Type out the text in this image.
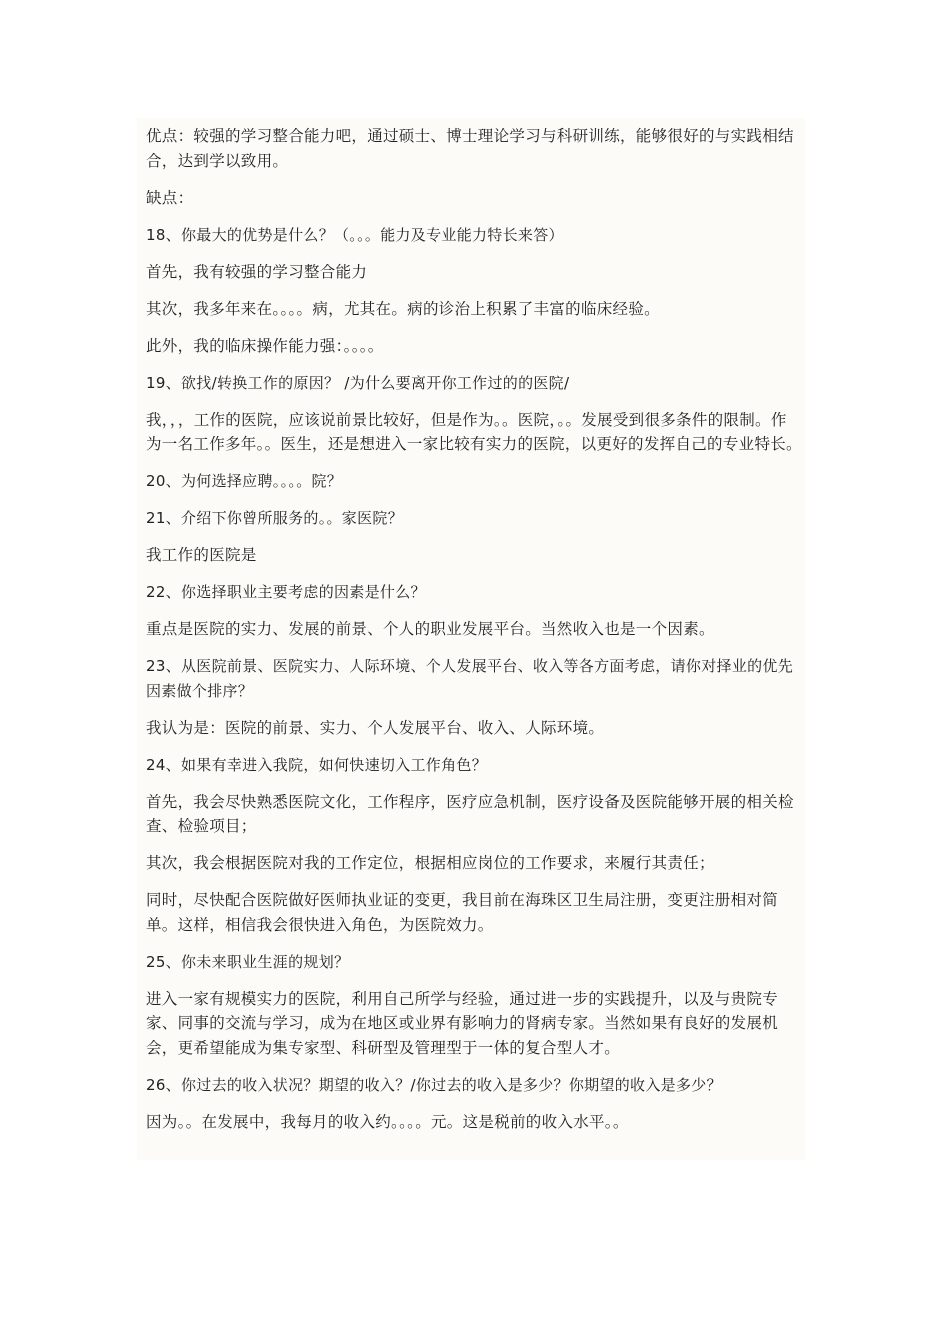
优点：较强的学习整合能力吧，通过硕士、博士理论学习与科研训练，能够很好的与实践相结合，达到学以致用。

缺点：

18、你最大的优势是什么？（。。。能力及专业能力特长来答）

首先，我有较强的学习整合能力

其次，我多年来在。。。。病，尤其在。病的诊治上积累了丰富的临床经验。

此外，我的临床操作能力强：。。。。

19、欲找/转换工作的原因？ /为什么要离开你工作过的的医院/

我，，，工作的医院，应该说前景比较好，但是作为。。医院，。。发展受到很多条件的限制。作为一名工作多年。。医生，还是想进入一家比较有实力的医院，以更好的发挥自己的专业特长。

20、为何选择应聘。。。。院？

21、介绍下你曾所服务的。。家医院？

我工作的医院是

22、你选择职业主要考虑的因素是什么？

重点是医院的实力、发展的前景、个人的职业发展平台。当然收入也是一个因素。

23、从医院前景、医院实力、人际环境、个人发展平台、收入等各方面考虑，请你对择业的优先因素做个排序？

我认为是：医院的前景、实力、个人发展平台、收入、人际环境。

24、如果有幸进入我院，如何快速切入工作角色？

首先，我会尽快熟悉医院文化，工作程序，医疗应急机制，医疗设备及医院能够开展的相关检查、检验项目；

其次，我会根据医院对我的工作定位，根据相应岗位的工作要求，来履行其责任；

同时，尽快配合医院做好医师执业证的变更，我目前在海珠区卫生局注册，变更注册相对简单。这样，相信我会很快进入角色，为医院效力。

25、你未来职业生涯的规划？

进入一家有规模实力的医院，利用自己所学与经验，通过进一步的实践提升，以及与贵院专家、同事的交流与学习，成为在地区或业界有影响力的肾病专家。当然如果有良好的发展机会，更希望能成为集专家型、科研型及管理型于一体的复合型人才。

26、你过去的收入状况？期望的收入？/你过去的收入是多少？你期望的收入是多少？

因为。。在发展中，我每月的收入约。。。。元。这是税前的收入水平。。
